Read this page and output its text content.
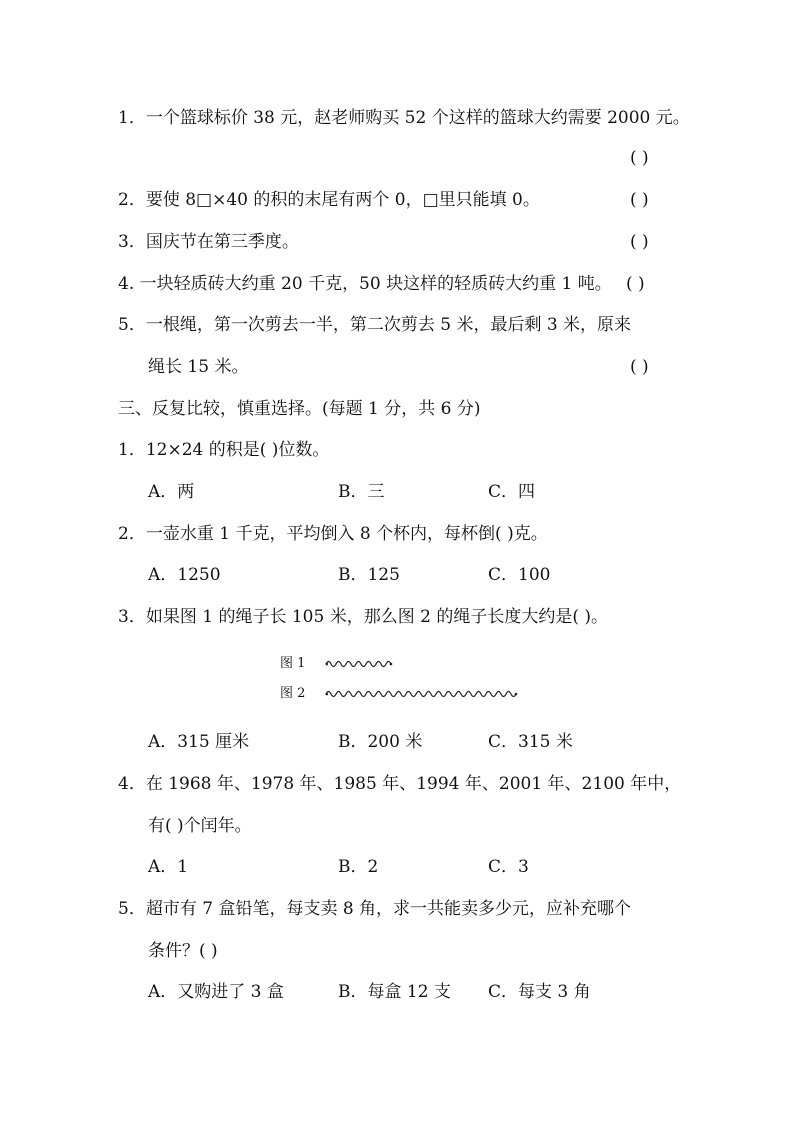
1．一个篮球标价 38 元，赵老师购买 52 个这样的篮球大约需要 2000 元。
( )
2．要使 8□×40 的积的末尾有两个 0，□里只能填 0。	( )
3．国庆节在第三季度。	( )
4. 一块轻质砖大约重 20 千克，50 块这样的轻质砖大约重 1 吨。 ( )
5．一根绳，第一次剪去一半，第二次剪去 5 米，最后剩 3 米，原来
绳长 15 米。	( )
三、反复比较，慎重选择。(每题 1 分，共 6 分)
1．12×24 的积是( )位数。
A．两	B．三	C．四
2．一壶水重 1 千克，平均倒入 8 个杯内，每杯倒( )克。
A．1250	B．125	C．100
3．如果图 1 的绳子长 105 米，那么图 2 的绳子长度大约是( )。
图 1
图 2
A．315 厘米	B．200 米	C．315 米
4．在 1968 年、1978 年、1985 年、1994 年、2001 年、2100 年中，
有( )个闰年。
A．1	B．2	C．3
5．超市有 7 盒铅笔，每支卖 8 角，求一共能卖多少元，应补充哪个
条件？( )
A．又购进了 3 盒	B．每盒 12 支 C．每支 3 角
